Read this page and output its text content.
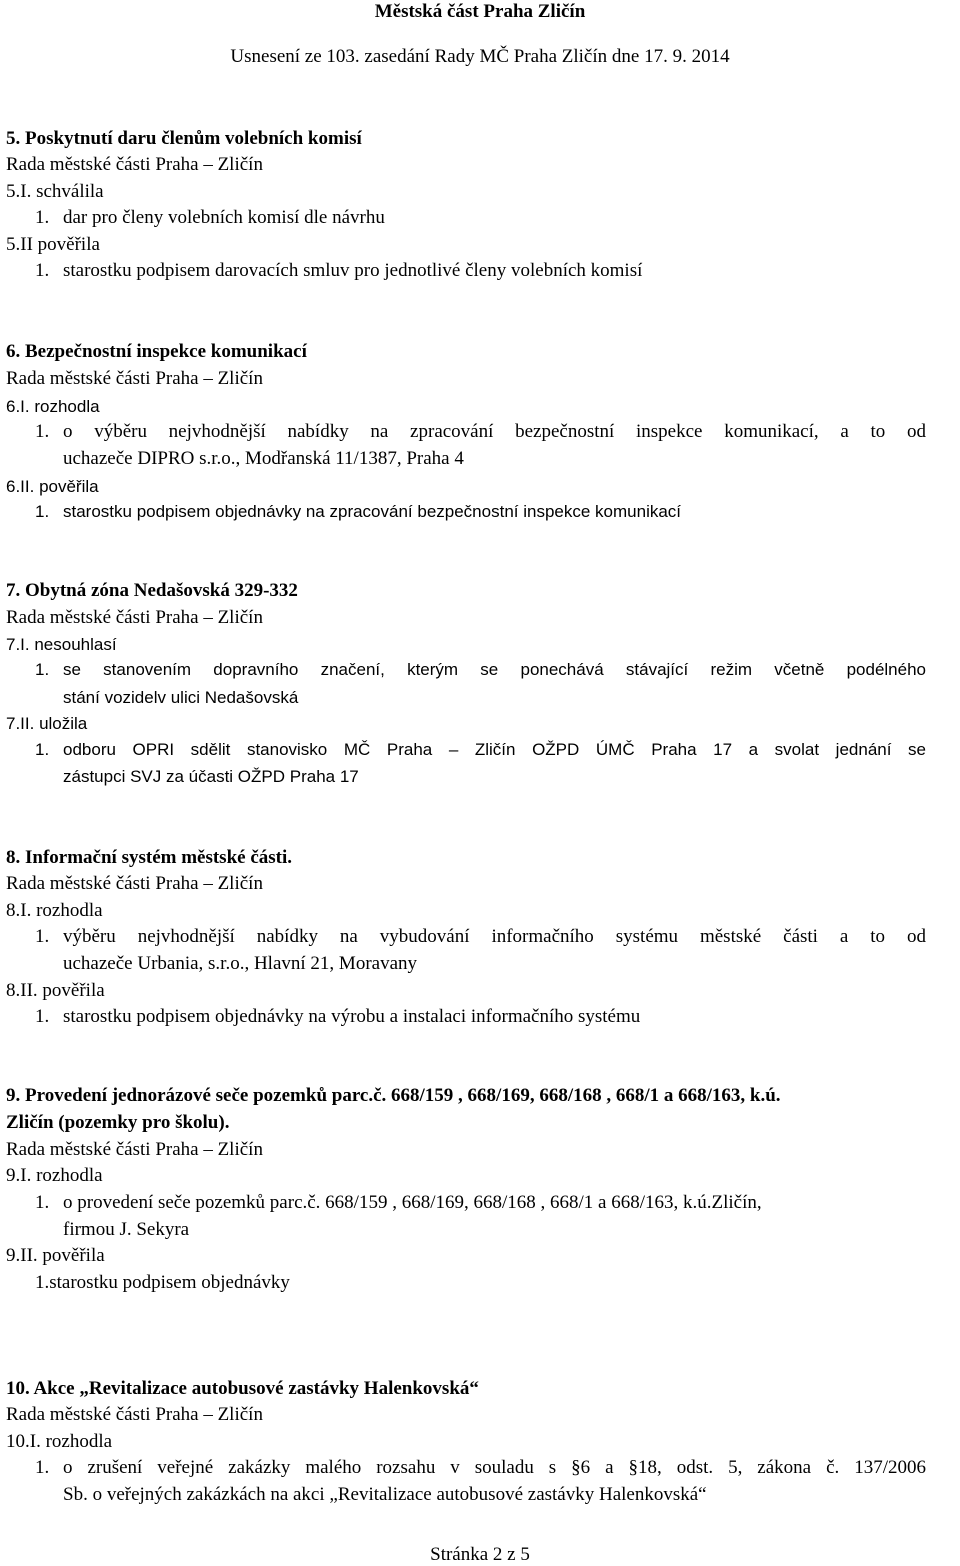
Městská část Praha Zličín
Usnesení ze 103. zasedání Rady MČ Praha Zličín dne 17. 9. 2014
5. Poskytnutí daru členům volebních komisí
Rada městské části Praha – Zličín
5.I. schválila
1. dar pro členy volebních komisí dle návrhu
5.II pověřila
1. starostku podpisem darovacích smluv pro jednotlivé členy volebních komisí
6. Bezpečnostní inspekce komunikací
Rada městské části Praha – Zličín
6.I. rozhodla
1. o výběru nejvhodnější nabídky na zpracování bezpečnostní inspekce komunikací, a to od
uchazeče DIPRO s.r.o., Modřanská 11/1387, Praha 4
6.II. pověřila
1. starostku podpisem objednávky na zpracování bezpečnostní inspekce komunikací
7. Obytná zóna Nedašovská 329-332
Rada městské části Praha – Zličín
7.I. nesouhlasí
1. se stanovením dopravního značení, kterým se ponechává stávající režim včetně podélného
stání vozidelv ulici Nedašovská
7.II. uložila
1. odboru OPRI sdělit stanovisko MČ Praha – Zličín OŽPD ÚMČ Praha 17 a svolat jednání se
zástupci SVJ za účasti OŽPD Praha 17
8. Informační systém městské části.
Rada městské části Praha – Zličín
8.I. rozhodla
1. výběru nejvhodnější nabídky na vybudování informačního systému městské části a to od
uchazeče Urbania, s.r.o., Hlavní 21, Moravany
8.II. pověřila
1. starostku podpisem objednávky na výrobu a instalaci informačního systému
9. Provedení jednorázové seče pozemků parc.č. 668/159 , 668/169, 668/168 , 668/1 a 668/163, k.ú.
Zličín (pozemky pro školu).
Rada městské části Praha – Zličín
9.I. rozhodla
1. o provedení seče pozemků parc.č. 668/159 , 668/169, 668/168 , 668/1 a 668/163, k.ú.Zličín,
firmou J. Sekyra
9.II. pověřila
1.starostku podpisem objednávky
10. Akce „Revitalizace autobusové zastávky Halenkovská“
Rada městské části Praha – Zličín
10.I. rozhodla
1. o zrušení veřejné zakázky malého rozsahu v souladu s §6 a §18, odst. 5, zákona č. 137/2006
Sb. o veřejných zakázkách na akci „Revitalizace autobusové zastávky Halenkovská“
Stránka 2 z 5
